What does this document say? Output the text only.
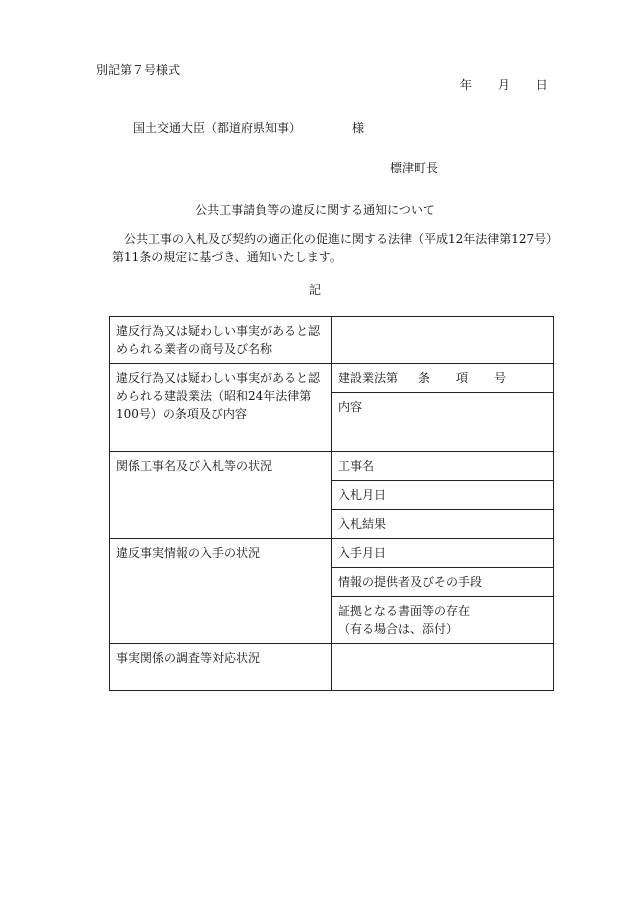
別記第７号様式
年 月 日
国土交通大臣（都道府県知事）	様
標津町長
公共工事請負等の違反に関する通知について
公共工事の入札及び契約の適正化の促進に関する法律（平成12年法律第127号）第11条の規定に基づき、通知いたします。
記
違反行為又は疑わしい事実があると認められる業者の商号及び名称	
違反行為又は疑わしい事実があると認められる建設業法（昭和24年法律第100号）の条項及び内容	建設業法第 条 項 号
	内容
関係工事名及び入札等の状況	工事名
	入札月日
	入札結果
違反事実情報の入手の状況	入手月日
	情報の提供者及びその手段

	証拠となる書面等の存在
（有る場合は、添付）

事実関係の調査等対応状況	
